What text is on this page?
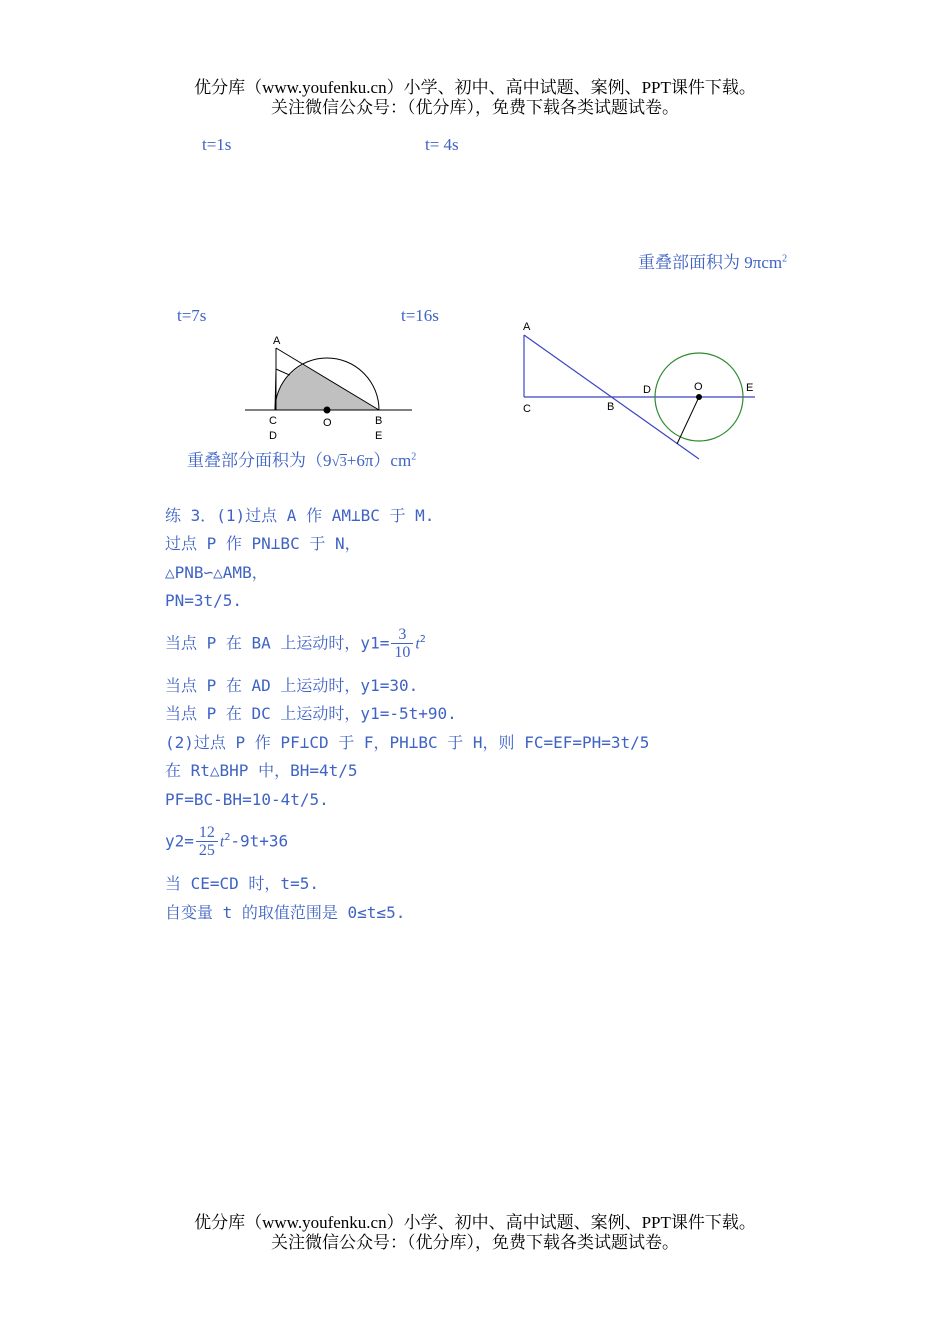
优分库（www.youfenku.cn）小学、初中、高中试题、案例、PPT课件下载。
关注微信公众号：（优分库），免费下载各类试题试卷。
t=1s	t= 4s
重叠部面积为 9πcm$^2$
t=7s	t=16s
A
C
D
O	B
E
A
C	B
D	O	E
重叠部分面积为$(9√3+6\pi)cm^2$
练 3．(1)过点 A 作 AM⊥BC 于 M.
过点 P 作 PN⊥BC 于 N，
△PNB∽△AMB，
PN=3t/5.
当点 P 在 BA 上运动时，$y1= \frac{3}{10} t^2$
当点 P 在 AD 上运动时，y1=30.
当点 P 在 DC 上运动时，y1=-5t+90.
(2)过点 P 作 PF⊥CD 于 F，PH⊥BC 于 H，则 FC=EF=PH=3t/5
在 Rt△BHP 中，BH=4t/5
PF=BC-BH=10-4t/5.
$y2= \frac{12}{25} t^2-9t+36$
当 CE=CD 时，t=5.
自变量 t 的取值范围是 0≤t≤5.
优分库（www.youfenku.cn）小学、初中、高中试题、案例、PPT课件下载。
关注微信公众号：（优分库），免费下载各类试题试卷。
